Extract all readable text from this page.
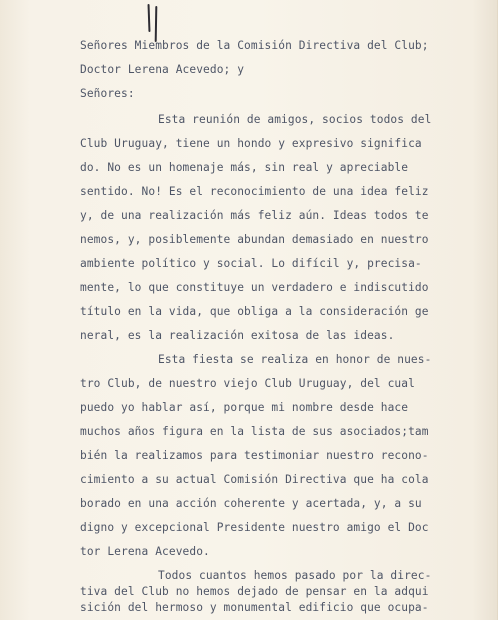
Señores Miembros de la Comisión Directiva del Club;
Doctor Lerena Acevedo; y
Señores:
Esta reunión de amigos, socios todos del
Club Uruguay, tiene un hondo y expresivo significa
do. No es un homenaje más, sin real y apreciable
sentido. No! Es el reconocimiento de una idea feliz
y, de una realización más feliz aún. Ideas todos te
nemos, y, posiblemente abundan demasiado en nuestro
ambiente político y social. Lo difícil y, precisa-
mente, lo que constituye un verdadero e indiscutido
título en la vida, que obliga a la consideración ge
neral, es la realización exitosa de las ideas.
Esta fiesta se realiza en honor de nues-
tro Club, de nuestro viejo Club Uruguay, del cual
puedo yo hablar así, porque mi nombre desde hace
muchos años figura en la lista de sus asociados;tam
bién la realizamos para testimoniar nuestro recono-
cimiento a su actual Comisión Directiva que ha cola
borado en una acción coherente y acertada, y, a su
digno y excepcional Presidente nuestro amigo el Doc
tor Lerena Acevedo.
Todos cuantos hemos pasado por la direc-
tiva del Club no hemos dejado de pensar en la adqui
sición del hermoso y monumental edificio que ocupa-
